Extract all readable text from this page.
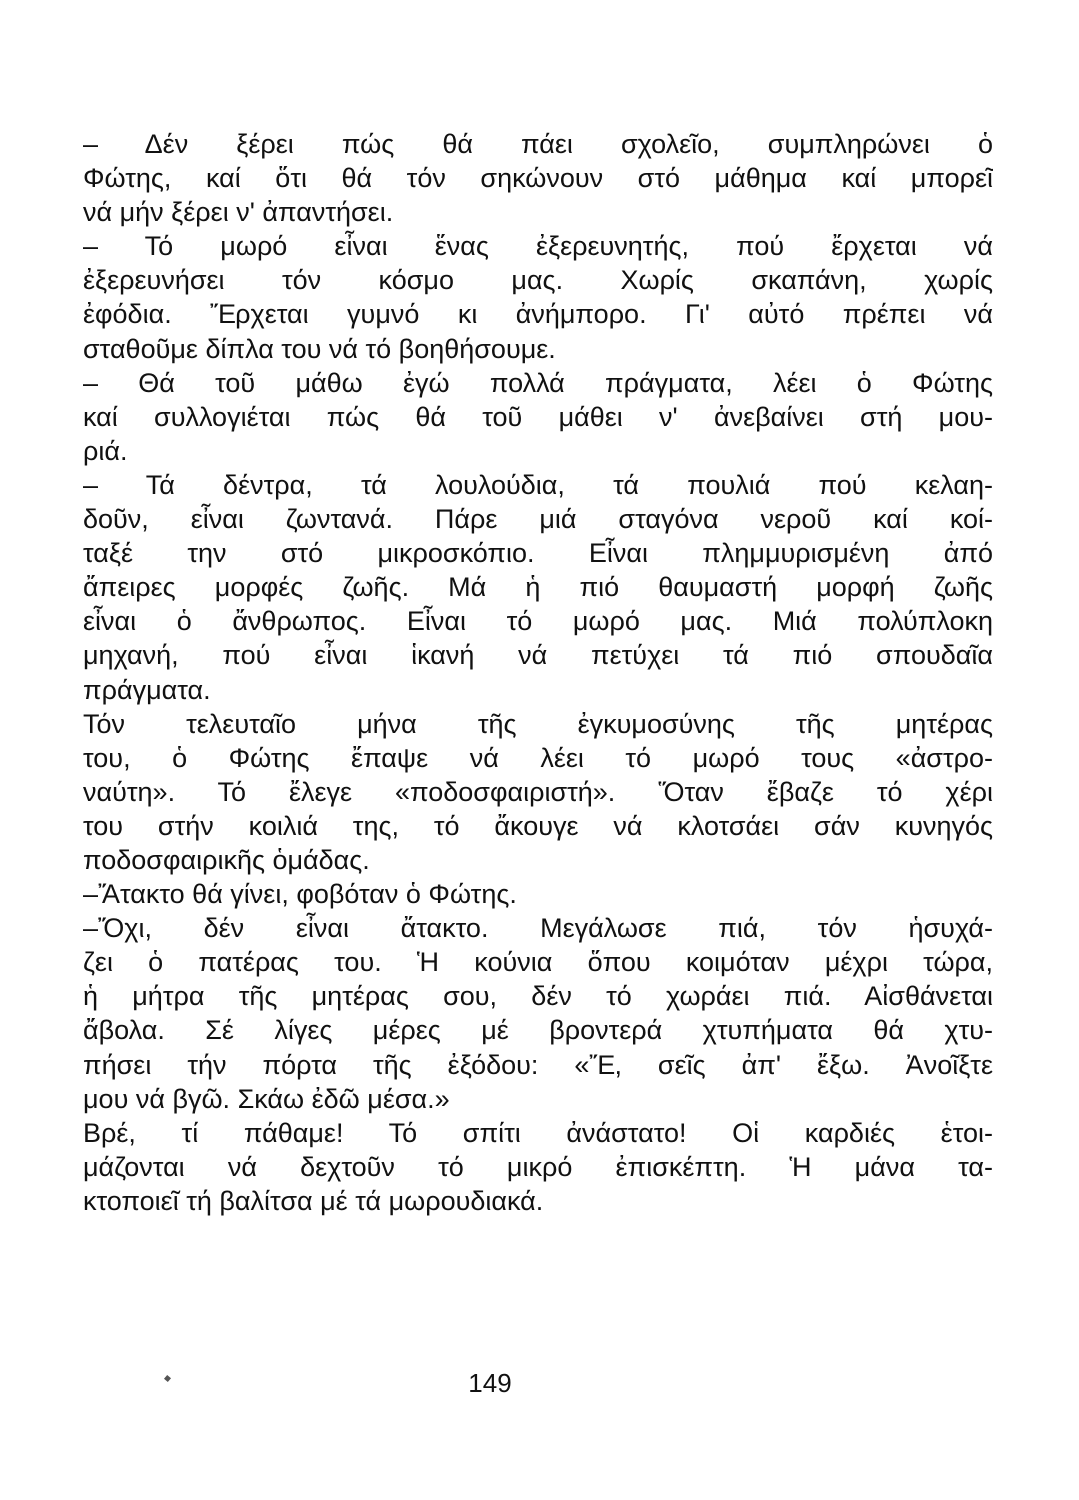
– Δέν ξέρει πώς θά πάει σχολεῖο, συμπληρώνει ὁ
Φώτης, καί ὅτι θά τόν σηκώνουν στό μάθημα καί μπορεῖ
νά μήν ξέρει ν' ἀπαντήσει.
– Τό μωρό εἶναι ἕνας ἐξερευνητής, πού ἔρχεται νά
ἐξερευνήσει τόν κόσμο μας. Χωρίς σκαπάνη, χωρίς
ἐφόδια. Ἔρχεται γυμνό κι ἀνήμπορο. Γι' αὐτό πρέπει νά
σταθοῦμε δίπλα του νά τό βοηθήσουμε.
– Θά τοῦ μάθω ἐγώ πολλά πράγματα, λέει ὁ Φώτης
καί συλλογιέται πώς θά τοῦ μάθει ν' ἀνεβαίνει στή μου-
ριά.
– Τά δέντρα, τά λουλούδια, τά πουλιά πού κελαη-
δοῦν, εἶναι ζωντανά. Πάρε μιά σταγόνα νεροῦ καί κοί-
ταξέ την στό μικροσκόπιο. Εἶναι πλημμυρισμένη ἀπό
ἄπειρες μορφές ζωῆς. Μά ἡ πιό θαυμαστή μορφή ζωῆς
εἶναι ὁ ἄνθρωπος. Εἶναι τό μωρό μας. Μιά πολύπλοκη
μηχανή, πού εἶναι ἱκανή νά πετύχει τά πιό σπουδαῖα
πράγματα.
Τόν τελευταῖο μήνα τῆς ἐγκυμοσύνης τῆς μητέρας
του, ὁ Φώτης ἔπαψε νά λέει τό μωρό τους «ἀστρο-
ναύτη». Τό ἔλεγε «ποδοσφαιριστή». Ὅταν ἔβαζε τό χέρι
του στήν κοιλιά της, τό ἄκουγε νά κλοτσάει σάν κυνηγός
ποδοσφαιρικῆς ὁμάδας.
–Ἄτακτο θά γίνει, φοβόταν ὁ Φώτης.
–Ὄχι, δέν εἶναι ἄτακτο. Μεγάλωσε πιά, τόν ἡσυχά-
ζει ὁ πατέρας του. Ἡ κούνια ὅπου κοιμόταν μέχρι τώρα,
ἡ μήτρα τῆς μητέρας σου, δέν τό χωράει πιά. Αἰσθάνεται
ἄβολα. Σέ λίγες μέρες μέ βροντερά χτυπήματα θά χτυ-
πήσει τήν πόρτα τῆς ἐξόδου: «Ἔ, σεῖς ἀπ' ἔξω. Ἀνοῖξτε
μου νά βγῶ. Σκάω ἐδῶ μέσα.»
Βρέ, τί πάθαμε! Τό σπίτι ἀνάστατο! Οἱ καρδιές ἑτοι-
μάζονται νά δεχτοῦν τό μικρό ἐπισκέπτη. Ἡ μάνα τα-
κτοποιεῖ τή βαλίτσα μέ τά μωρουδιακά.
149
